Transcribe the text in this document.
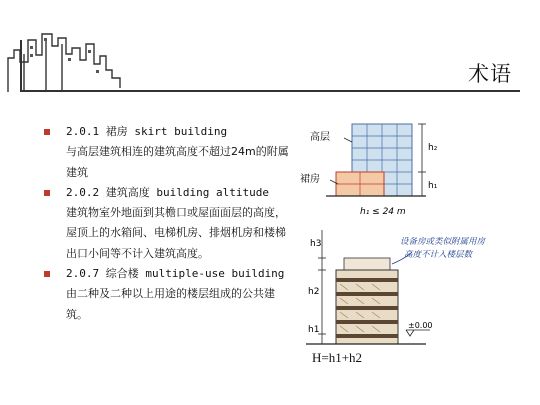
术语
2.0.1 裙房 skirt building
与高层建筑相连的建筑高度不超过24m的附属建筑
2.0.2 建筑高度 building altitude
建筑物室外地面到其檐口或屋面面层的高度，屋顶上的水箱间、电梯机房、排烟机房和楼梯出口小间等不计入建筑高度。
2.0.7 综合楼 multiple-use building
由二种及二种以上用途的楼层组成的公共建筑。
高层
裙房
h₂
h₁
h₁ ≤ 24 m
h3
h2
h1
设备房或类似附属用房
高度不计入楼层数
±0.00
H=h1+h2
